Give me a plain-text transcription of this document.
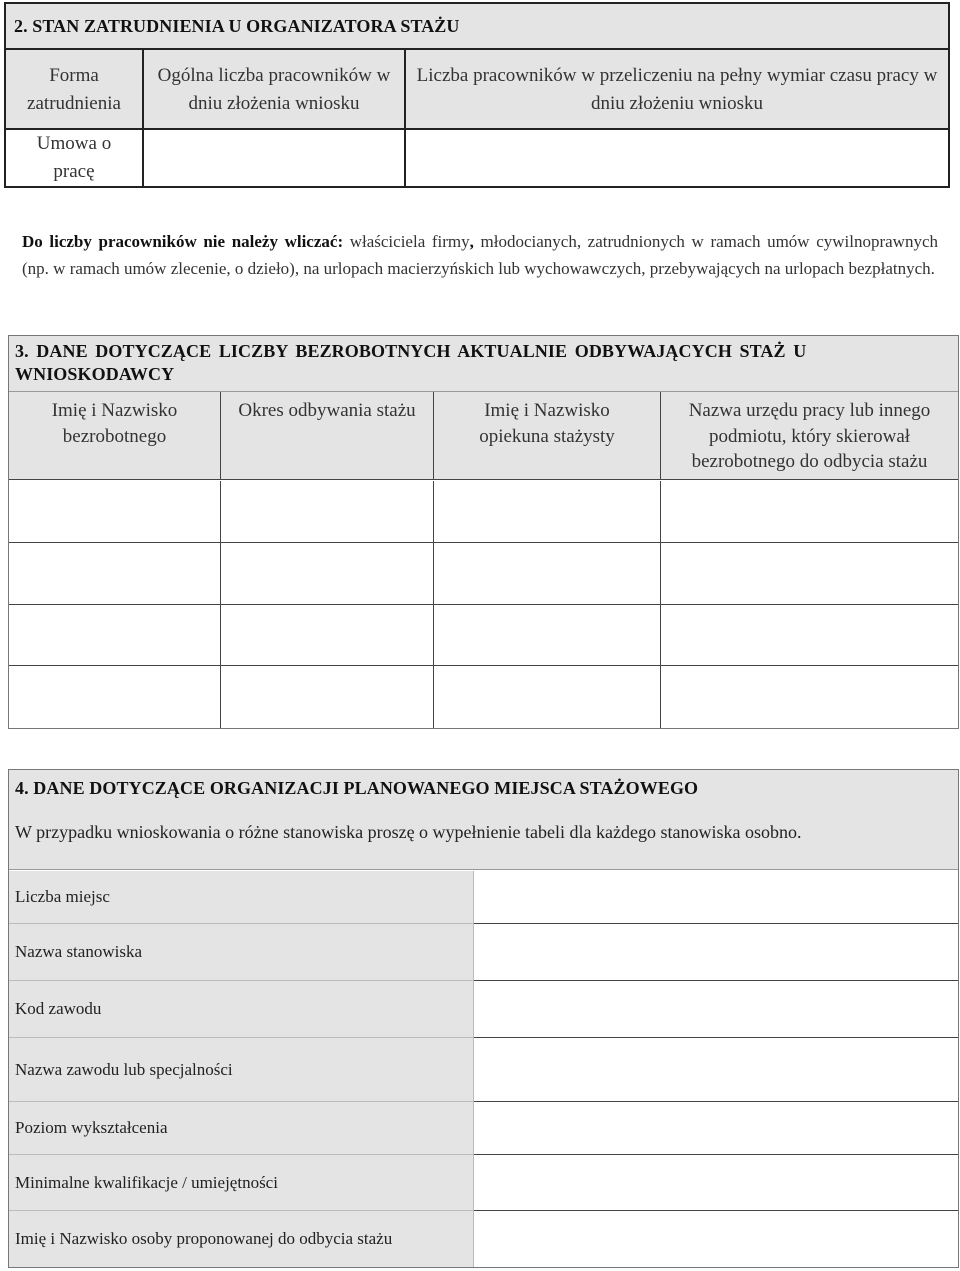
2. STAN ZATRUDNIENIA U ORGANIZATORA STAŻU
Forma zatrudnienia
Ogólna liczba pracowników w dniu złożenia wniosku
Liczba pracowników w przeliczeniu na pełny wymiar czasu pracy w dniu złożeniu wniosku
Umowa o pracę
Do liczby pracowników nie należy wliczać: właściciela firmy, młodocianych, zatrudnionych w ramach umów cywilnoprawnych (np. w ramach umów zlecenie, o dzieło), na urlopach macierzyńskich lub wychowawczych, przebywających na urlopach bezpłatnych.
3. DANE DOTYCZĄCE LICZBY BEZROBOTNYCH AKTUALNIE ODBYWAJĄCYCH STAŻ U WNIOSKODAWCY
Imię i Nazwisko bezrobotnego
Okres odbywania stażu	Imię i Nazwisko opiekuna stażysty
Nazwa urzędu pracy lub innego podmiotu, który skierował bezrobotnego do odbycia stażu
4. DANE DOTYCZĄCE ORGANIZACJI PLANOWANEGO MIEJSCA STAŻOWEGO
W przypadku wnioskowania o różne stanowiska proszę o wypełnienie tabeli dla każdego stanowiska osobno.
Liczba miejsc
Nazwa stanowiska
Kod zawodu
Nazwa zawodu lub specjalności
Poziom wykształcenia
Minimalne kwalifikacje / umiejętności
Imię i Nazwisko osoby proponowanej do odbycia stażu
